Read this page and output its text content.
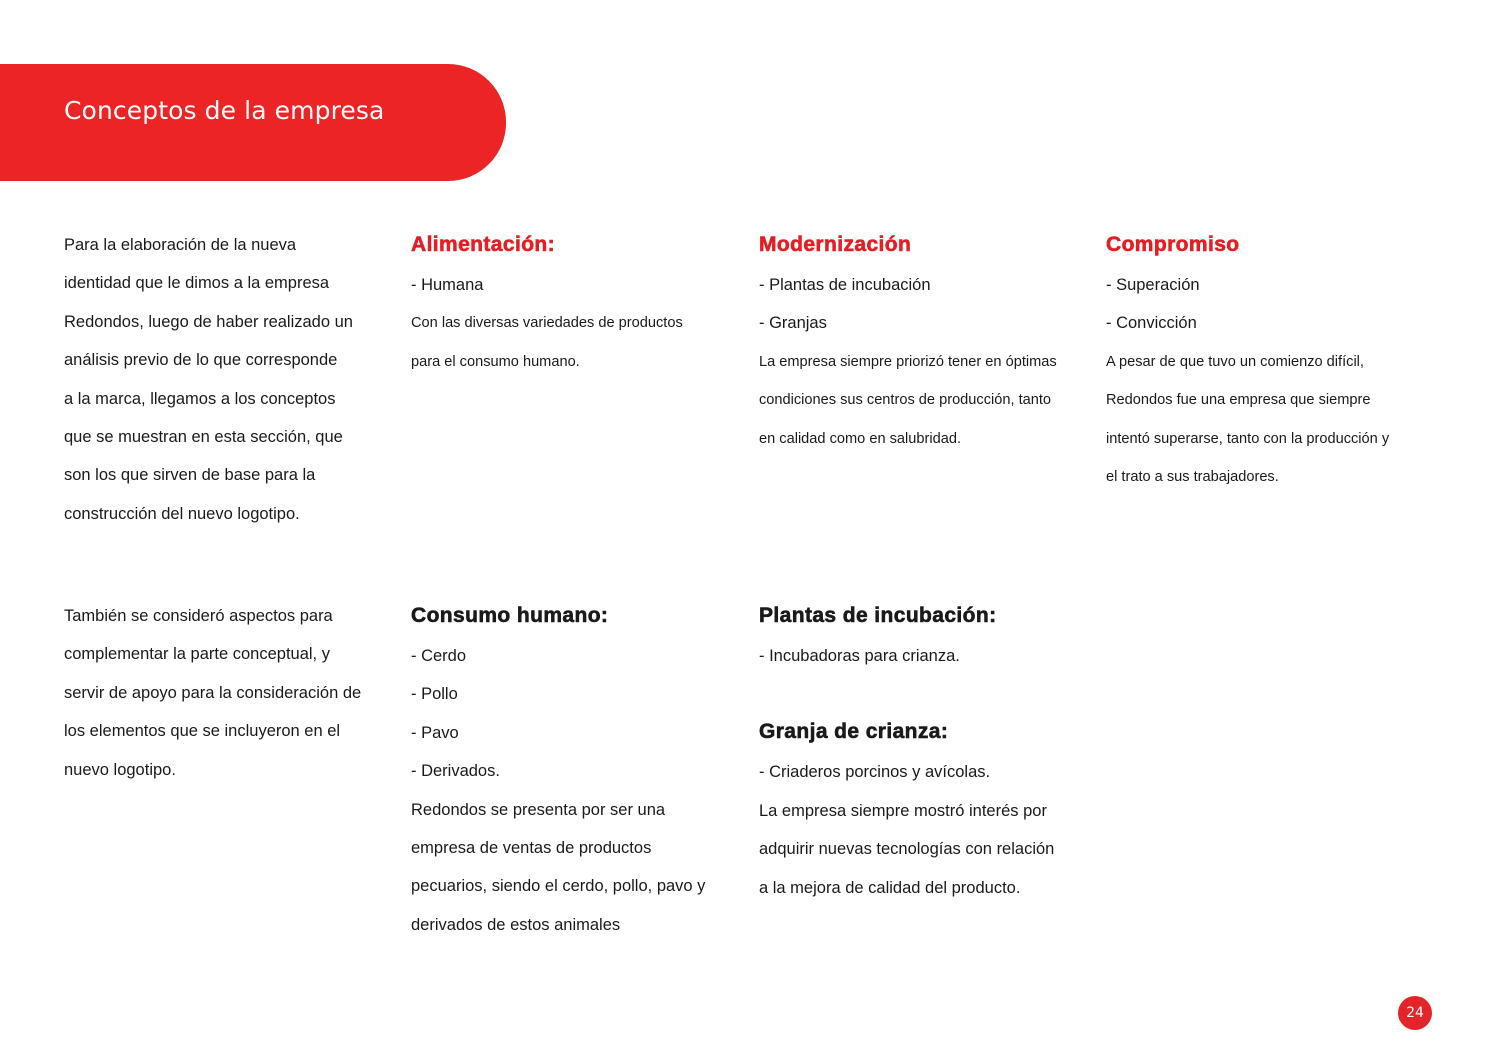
Conceptos de la empresa
Para la elaboración de la nueva
identidad que le dimos a la empresa
Redondos, luego de haber realizado un
análisis previo de lo que corresponde
a la marca, llegamos a los conceptos
que se muestran en esta sección, que
son los que sirven de base para la
construcción del nuevo logotipo.
Alimentación:
- Humana
Con las diversas variedades de productos
para el consumo humano.
Modernización
- Plantas de incubación
- Granjas
La empresa siempre priorizó tener en óptimas
condiciones sus centros de producción, tanto
en calidad como en salubridad.
Compromiso
- Superación
- Convicción
A pesar de que tuvo un comienzo difícil,
Redondos fue una empresa que siempre
intentó superarse, tanto con la producción y
el trato a sus trabajadores.
También se consideró aspectos para
complementar la parte conceptual, y
servir de apoyo para la consideración de
los elementos que se incluyeron en el
nuevo logotipo.
Consumo humano:
- Cerdo
- Pollo
- Pavo
- Derivados.
Redondos se presenta por ser una
empresa de ventas de productos
pecuarios, siendo el cerdo, pollo, pavo y
derivados de estos animales
Plantas de incubación:
- Incubadoras para crianza.
Granja de crianza:
- Criaderos porcinos y avícolas.
La empresa siempre mostró interés por
adquirir nuevas tecnologías con relación
a la mejora de calidad del producto.
24
